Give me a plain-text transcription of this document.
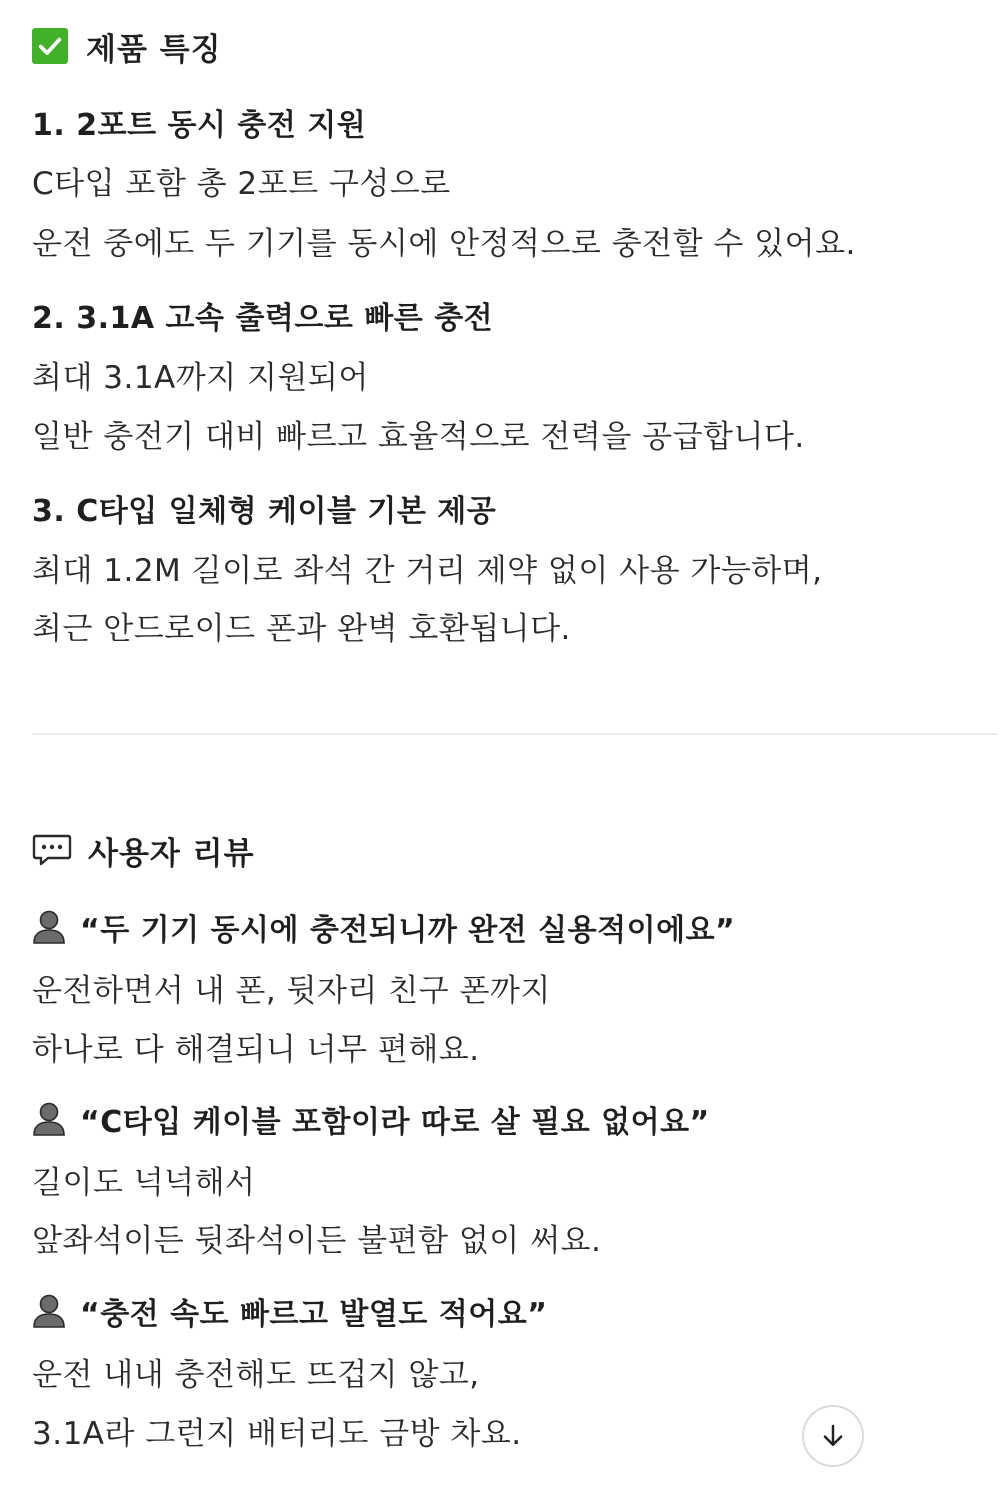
제품 특징
1. 2포트 동시 충전 지원
C타입 포함 총 2포트 구성으로
운전 중에도 두 기기를 동시에 안정적으로 충전할 수 있어요.
2. 3.1A 고속 출력으로 빠른 충전
최대 3.1A까지 지원되어
일반 충전기 대비 빠르고 효율적으로 전력을 공급합니다.
3. C타입 일체형 케이블 기본 제공
최대 1.2M 길이로 좌석 간 거리 제약 없이 사용 가능하며,
최근 안드로이드 폰과 완벽 호환됩니다.
사용자 리뷰
“두 기기 동시에 충전되니까 완전 실용적이에요”
운전하면서 내 폰, 뒷자리 친구 폰까지
하나로 다 해결되니 너무 편해요.
“C타입 케이블 포함이라 따로 살 필요 없어요”
길이도 넉넉해서
앞좌석이든 뒷좌석이든 불편함 없이 써요.
“충전 속도 빠르고 발열도 적어요”
운전 내내 충전해도 뜨겁지 않고,
3.1A라 그런지 배터리도 금방 차요.
